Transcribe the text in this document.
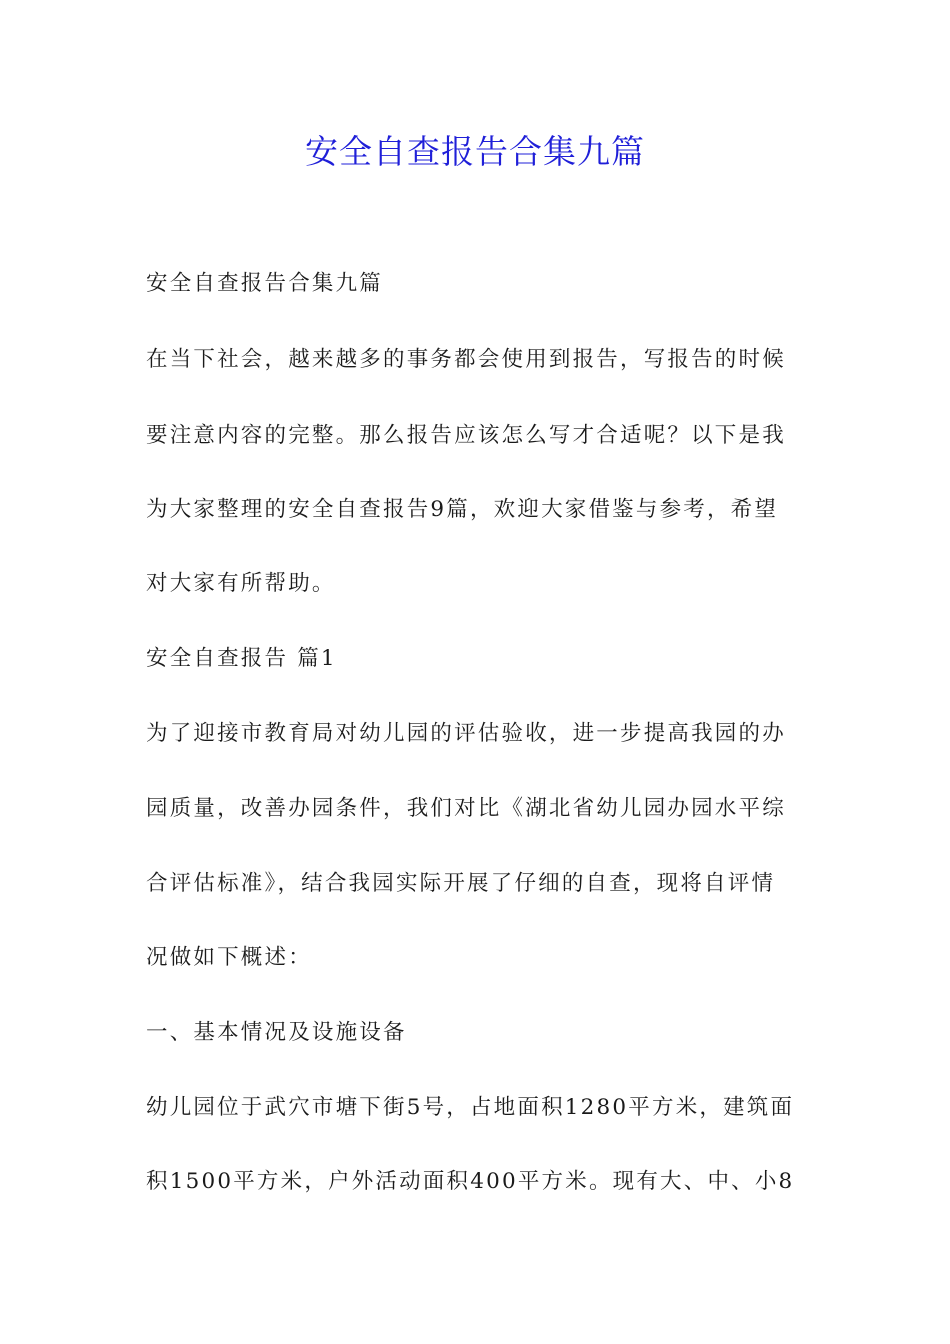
安全自查报告合集九篇
安全自查报告合集九篇
在当下社会，越来越多的事务都会使用到报告，写报告的时候
要注意内容的完整。那么报告应该怎么写才合适呢？以下是我
为大家整理的安全自查报告9篇，欢迎大家借鉴与参考，希望
对大家有所帮助。
安全自查报告 篇1
为了迎接市教育局对幼儿园的评估验收，进一步提高我园的办
园质量，改善办园条件，我们对比《湖北省幼儿园办园水平综
合评估标准》，结合我园实际开展了仔细的自查，现将自评情
况做如下概述：
一、基本情况及设施设备
幼儿园位于武穴市塘下街5号，占地面积1280平方米，建筑面
积1500平方米，户外活动面积400平方米。现有大、中、小8
